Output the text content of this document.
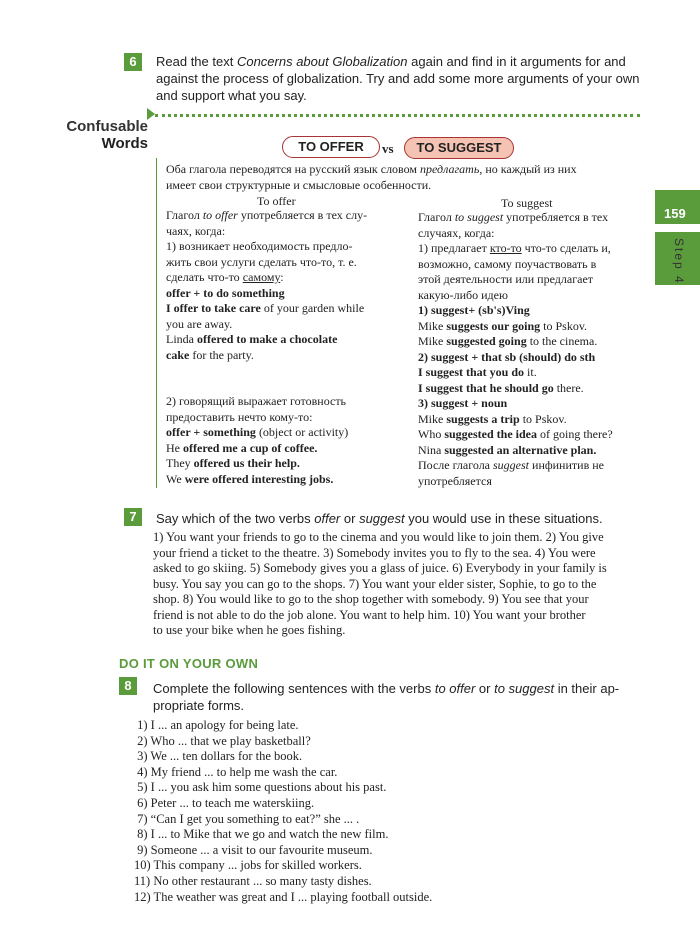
6	Read the text Concerns about Globalization again and find in it arguments for and against the process of globalization. Try and add some more arguments of your own and support what you say.
Confusable
Words	TO OFFER	vs	TO SUGGEST
Оба глагола переводятся на русский язык словом предлагать, но каждый из них
имеет свои структурные и смысловые особенности.
To offer	To suggest

Глагол to offer употребляется в тех слу-

чаях, когда:

1) возникает необходимость предло-

жить свои услуги сделать что-то, т. е.

сделать что-то самому:

offer + to do something

I offer to take care of your garden while

you are away.

Linda offered to make a chocolate

cake for the party.

2) говорящий выражает готовность

предоставить нечто кому-то:

offer + something (object or activity)

He offered me a cup of coffee.

They offered us their help.

We were offered interesting jobs.

Глагол to suggest употребляется в тех

случаях, когда:

1) предлагает кто-то что-то сделать и,

возможно, самому поучаствовать в

этой деятельности или предлагает

какую-либо идею

1) suggest+ (sb's)Ving

Mike suggests our going to Pskov.

Mike suggested going to the cinema.

2) suggest + that sb (should) do sth

I suggest that you do it.

I suggest that he should go there.

3) suggest + noun

Mike suggests a trip to Pskov.

Who suggested the idea of going there?

Nina suggested an alternative plan.

После глагола suggest инфинитив не

употребляется

159
Step 4
7	Say which of the two verbs offer or suggest you would use in these situations.
1) You want your friends to go to the cinema and you would like to join them. 2) You give
your friend a ticket to the theatre. 3) Somebody invites you to fly to the sea. 4) You were
asked to go skiing. 5) Somebody gives you a glass of juice. 6) Everybody in your family is
busy. You say you can go to the shops. 7) You want your elder sister, Sophie, to go to the
shop. 8) You would like to go to the shop together with somebody. 9) You see that your
friend is not able to do the job alone. You want to help him. 10) You want your brother
to use your bike when he goes fishing.
DO IT ON YOUR OWN
8	Complete the following sentences with the verbs to offer or to suggest in their ap-
propriate forms.
1) I ... an apology for being late.
2) Who ... that we play basketball?
3) We ... ten dollars for the book.
4) My friend ... to help me wash the car.
5) I ... you ask him some questions about his past.
6) Peter ... to teach me waterskiing.
7) “Can I get you something to eat?” she ... .
8) I ... to Mike that we go and watch the new film.
9) Someone ... a visit to our favourite museum.
10) This company ... jobs for skilled workers.
11) No other restaurant ... so many tasty dishes.
12) The weather was great and I ... playing football outside.
